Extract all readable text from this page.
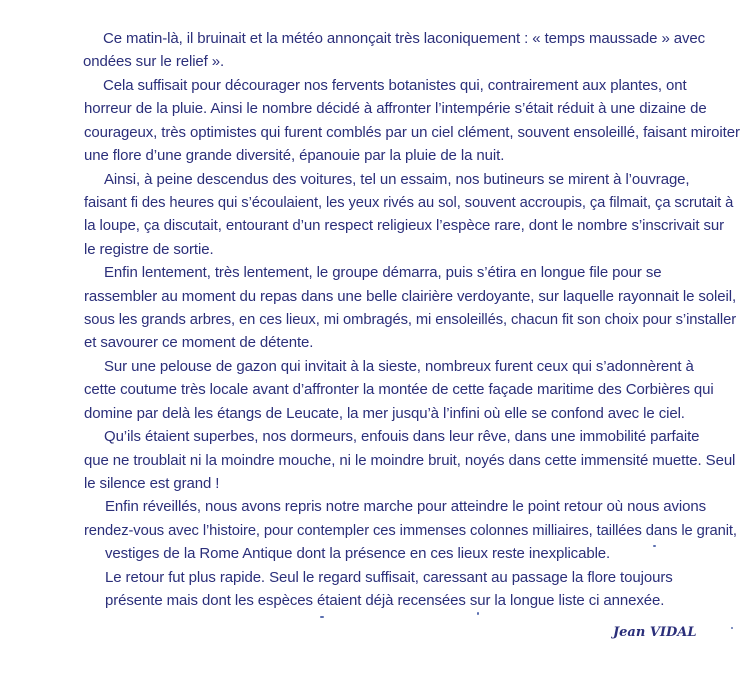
Ce matin-là, il bruinait et la météo annonçait très laconiquement : « temps maussade » avec
ondées sur le relief ».
Cela suffisait pour décourager nos fervents botanistes qui, contrairement aux plantes, ont
horreur de la pluie. Ainsi le nombre décidé à affronter l’intempérie s’était réduit à une dizaine de
courageux, très optimistes qui furent comblés par un ciel clément, souvent ensoleillé, faisant miroiter
une flore d’une grande diversité, épanouie par la pluie de la nuit.
Ainsi, à peine descendus des voitures, tel un essaim, nos butineurs se mirent à l’ouvrage,
faisant fi des heures qui s’écoulaient, les yeux rivés au sol, souvent accroupis, ça filmait, ça scrutait à
la loupe, ça discutait, entourant d’un respect religieux l’espèce rare, dont le nombre s’inscrivait sur
le registre de sortie.
Enfin lentement, très lentement, le groupe démarra, puis s’étira en longue file pour se
rassembler au moment du repas dans une belle clairière verdoyante, sur laquelle rayonnait le soleil,
sous les grands arbres, en ces lieux, mi ombragés, mi ensoleillés, chacun fit son choix pour s’installer
et savourer ce moment de détente.
Sur une pelouse de gazon qui invitait à la sieste, nombreux furent ceux qui s’adonnèrent à
cette coutume très locale avant d’affronter la montée de cette façade maritime des Corbières qui
domine par delà les étangs de Leucate, la mer jusqu’à l’infini où elle se confond avec le ciel.
Qu’ils étaient superbes, nos dormeurs, enfouis dans leur rêve, dans une immobilité parfaite
que ne troublait ni la moindre mouche, ni le moindre bruit, noyés dans cette immensité muette. Seul
le silence est grand !
Enfin réveillés, nous avons repris notre marche pour atteindre le point retour où nous avions
rendez-vous avec l’histoire, pour contempler ces immenses colonnes milliaires, taillées dans le granit,
vestiges de la Rome Antique dont la présence en ces lieux reste inexplicable.
Le retour fut plus rapide. Seul le regard suffisait, caressant au passage la flore toujours
présente mais dont les espèces étaient déjà recensées sur la longue liste ci annexée.
Jean VIDAL
